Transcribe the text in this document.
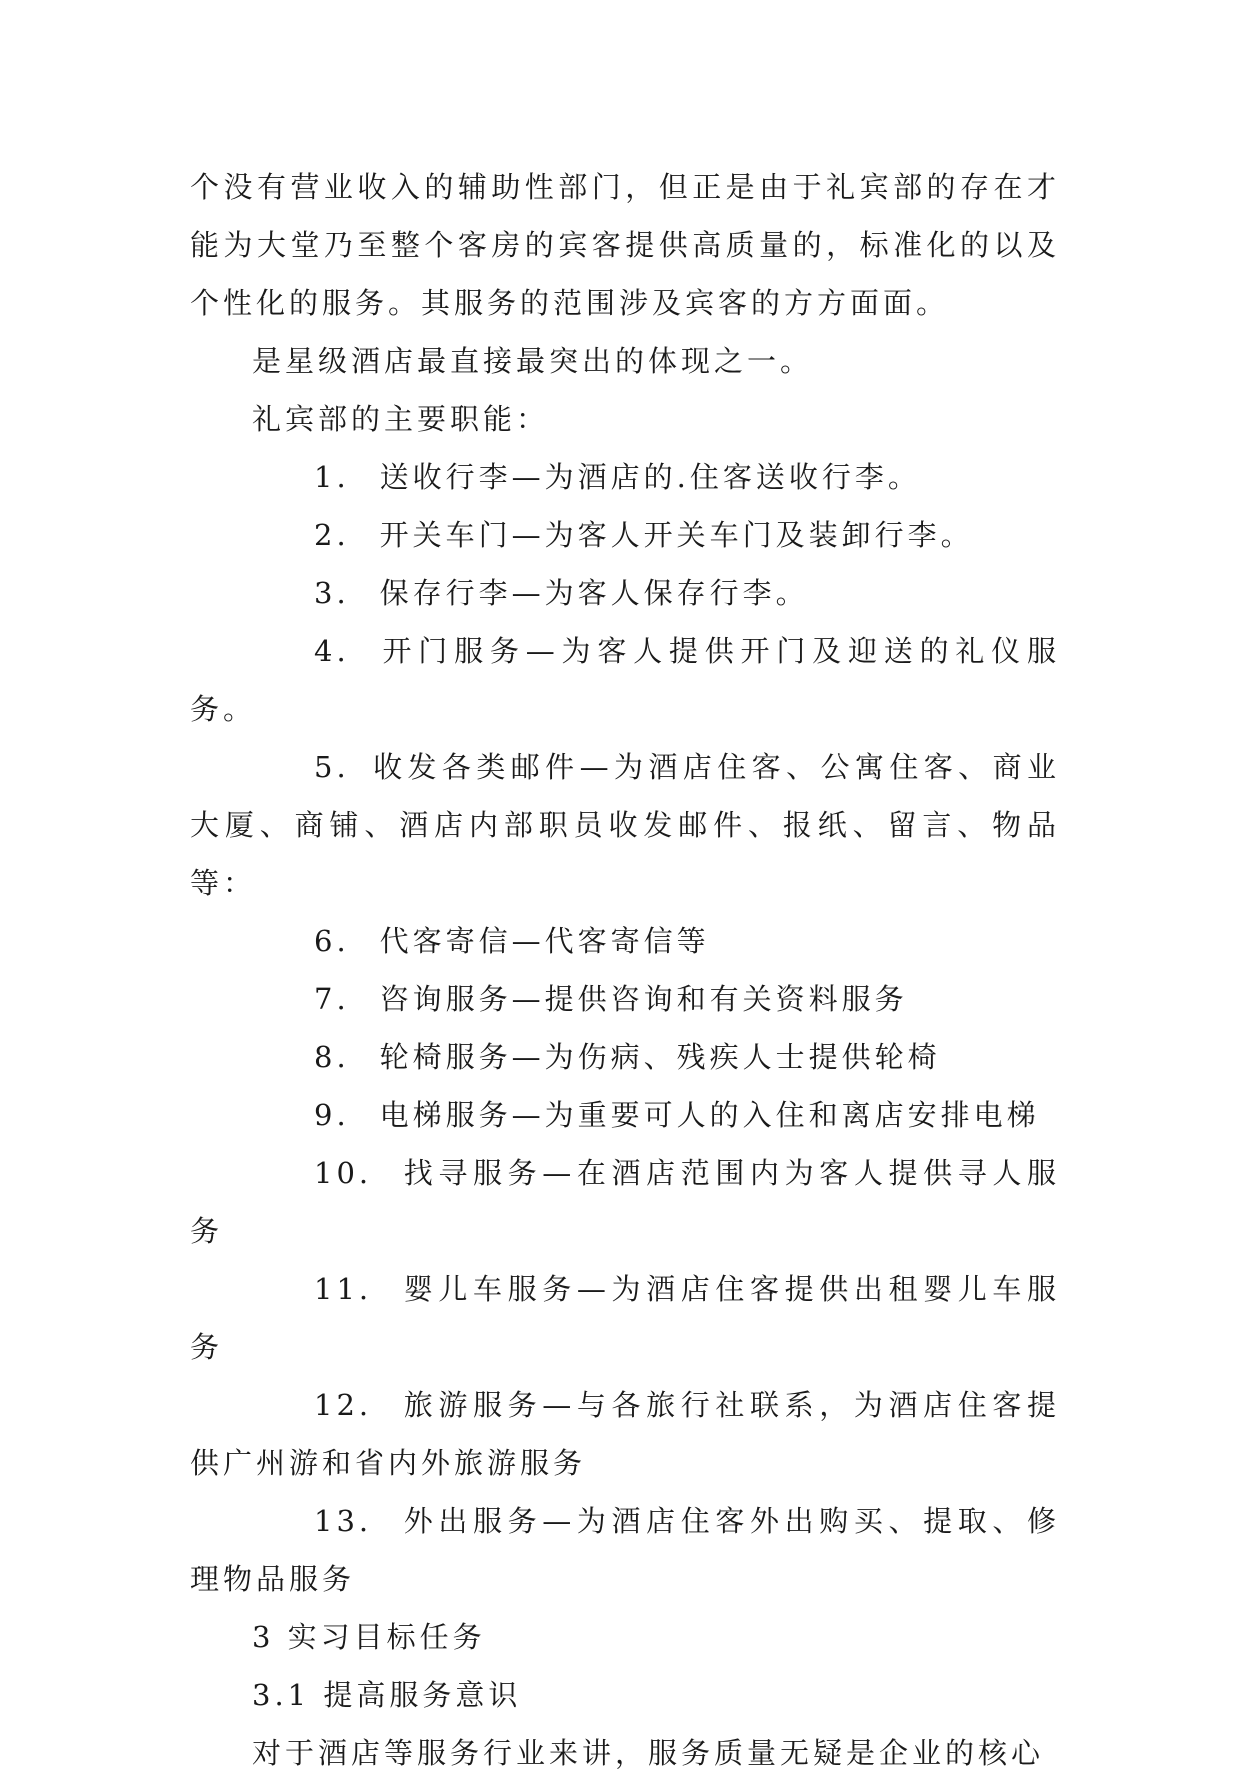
个没有营业收入的辅助性部门，但正是由于礼宾部的存在才能为大堂乃至整个客房的宾客提供高质量的，标准化的以及个性化的服务。其服务的范围涉及宾客的方方面面。

是星级酒店最直接最突出的体现之一。

礼宾部的主要职能：

1. 送收行李—为酒店的.住客送收行李。

2. 开关车门—为客人开关车门及装卸行李。

3. 保存行李—为客人保存行李。

4. 开门服务—为客人提供开门及迎送的礼仪服务。

5. 收发各类邮件—为酒店住客、公寓住客、商业大厦、商铺、酒店内部职员收发邮件、报纸、留言、物品等：

6. 代客寄信—代客寄信等

7. 咨询服务—提供咨询和有关资料服务

8. 轮椅服务—为伤病、残疾人士提供轮椅

9. 电梯服务—为重要可人的入住和离店安排电梯

10. 找寻服务—在酒店范围内为客人提供寻人服务

11. 婴儿车服务—为酒店住客提供出租婴儿车服务

12. 旅游服务—与各旅行社联系，为酒店住客提供广州游和省内外旅游服务

13. 外出服务—为酒店住客外出购买、提取、修理物品服务

3 实习目标任务

3.1 提高服务意识

对于酒店等服务行业来讲，服务质量无疑是企业的核心
